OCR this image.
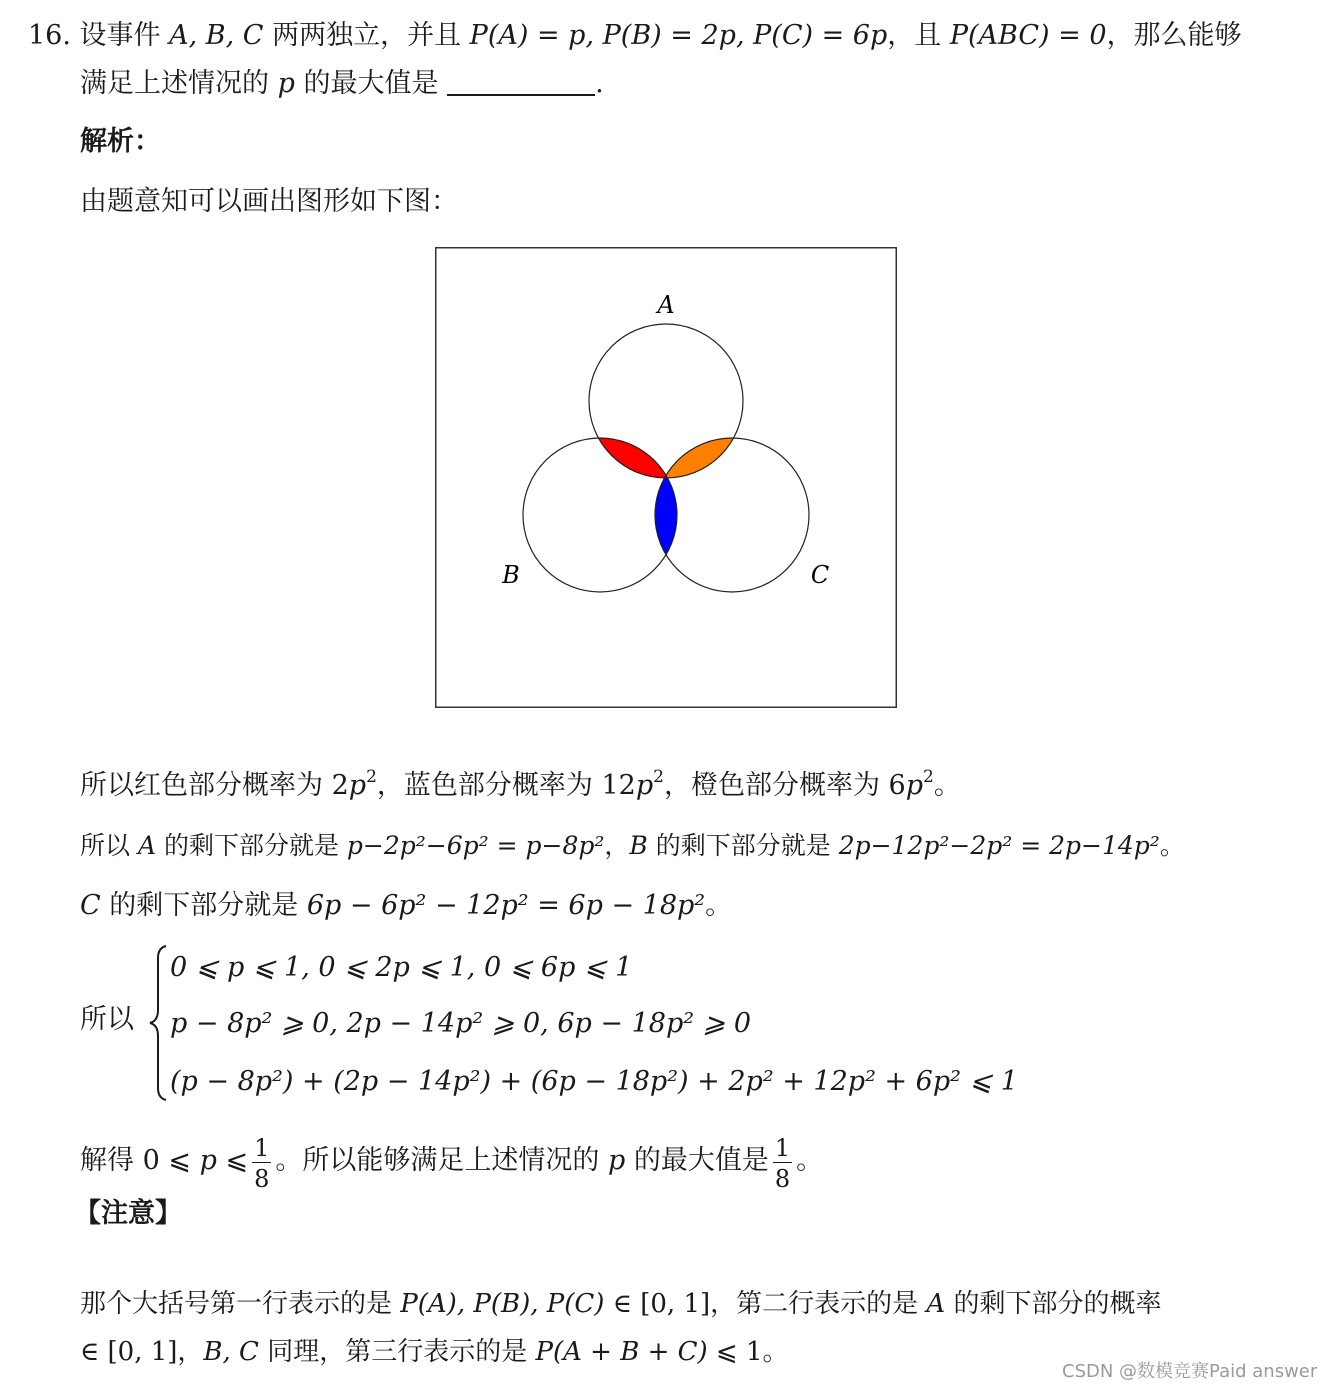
16. 设事件 A, B, C 两两独立，并且 P(A) = p, P(B) = 2p, P(C) = 6p，且 P(ABC) = 0，那么能够
满足上述情况的 p 的最大值是	.
解析：
由题意知可以画出图形如下图：
A
B	C
所以红色部分概率为 $2p^2$，蓝色部分概率为 $12p^2$，橙色部分概率为 $6p^2$。
所以 A 的剩下部分就是 p−2p²−6p² = p−8p²，B 的剩下部分就是 2p−12p²−2p² = 2p−14p²。
C 的剩下部分就是 6p − 6p² − 12p² = 6p − 18p²。
所以
0 ⩽ p ⩽ 1, 0 ⩽ 2p ⩽ 1, 0 ⩽ 6p ⩽ 1
p − 8p² ⩾ 0, 2p − 14p² ⩾ 0, 6p − 18p² ⩾ 0
(p − 8p²) + (2p − 14p²) + (6p − 18p²) + 2p² + 12p² + 6p² ⩽ 1
解得 0 ⩽ p ⩽ $\frac{1}{8}$ 。所以能够满足上述情况的 p 的最大值是 $\frac{1}{8}$ 。
【注意】
那个大括号第一行表示的是 P(A), P(B), P(C) ∈ [0, 1]，第二行表示的是 A 的剩下部分的概率
∈ [0, 1]，B, C 同理，第三行表示的是 P(A + B + C) ⩽ 1。
CSDN @数模竞赛Paid answer
